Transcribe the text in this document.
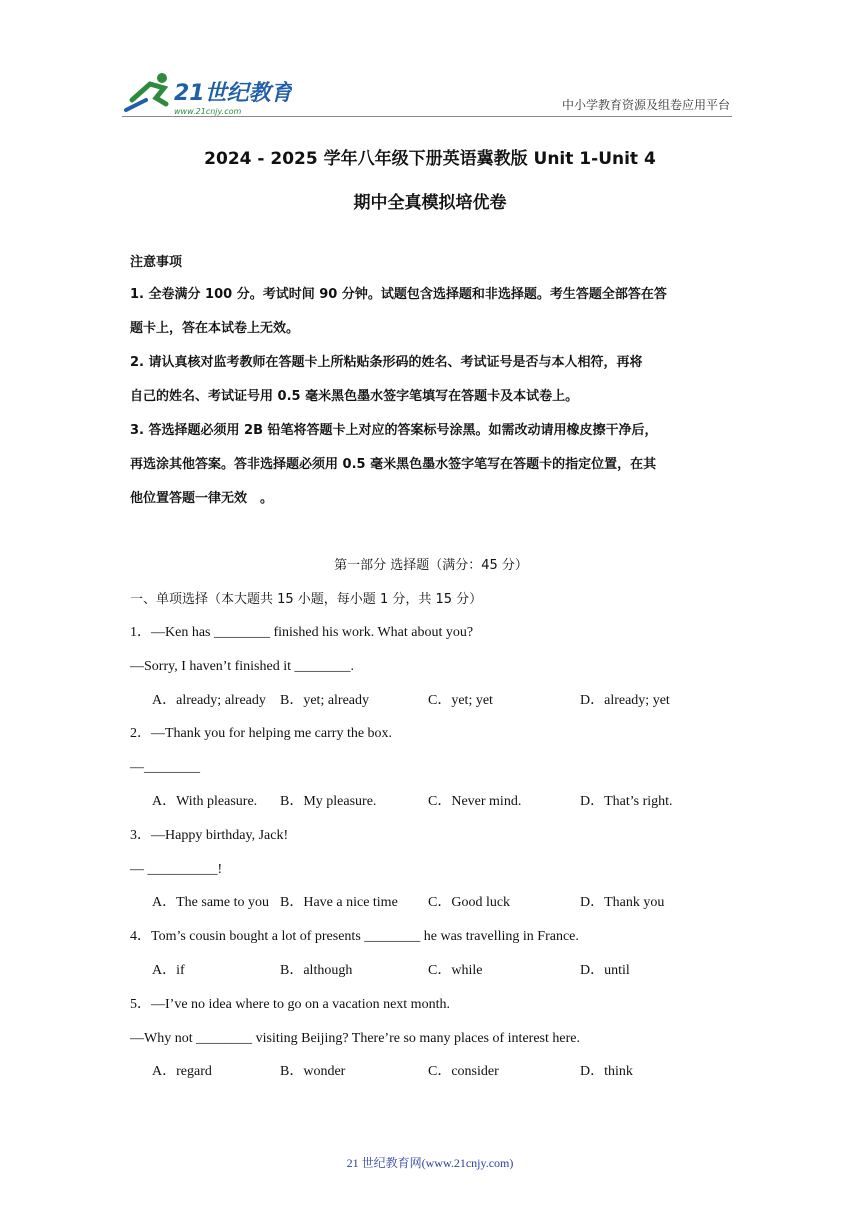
21世纪教育
www.21cnjy.com	中小学教育资源及组卷应用平台
2024 - 2025 学年八年级下册英语冀教版 Unit 1-Unit 4
期中全真模拟培优卷
注意事项

1. 全卷满分 100 分。考试时间 90 分钟。试题包含选择题和非选择题。考生答题全部答在答

题卡上，答在本试卷上无效。

2. 请认真核对监考教师在答题卡上所粘贴条形码的姓名、考试证号是否与本人相符，再将

自己的姓名、考试证号用 0.5 毫米黑色墨水签字笔填写在答题卡及本试卷上。

3. 答选择题必须用 2B 铅笔将答题卡上对应的答案标号涂黑。如需改动请用橡皮擦干净后，

再选涂其他答案。答非选择题必须用 0.5 毫米黑色墨水签字笔写在答题卡的指定位置，在其

他位置答题一律无效　。

第一部分 选择题（满分：45 分）
一、单项选择（本大题共 15 小题，每小题 1 分，共 15 分）
1．—Ken has ________ finished his work. What about you?
—Sorry, I haven’t finished it ________.
A．already; already B．yet; already	C．yet; yet	D．already; yet
2．—Thank you for helping me carry the box.
—________
A．With pleasure. B．My pleasure.	C．Never mind.	D．That’s right.
3．—Happy birthday, Jack!
— __________!
A．The same to you B．Have a nice time C．Good luck	D．Thank you
4．Tom’s cousin bought a lot of presents ________ he was travelling in France.
A．if	B．although	C．while	D．until
5．—I’ve no idea where to go on a vacation next month.
—Why not ________ visiting Beijing? There’re so many places of interest here.
A．regard	B．wonder	C．consider	D．think
21 世纪教育网(www.21cnjy.com)
